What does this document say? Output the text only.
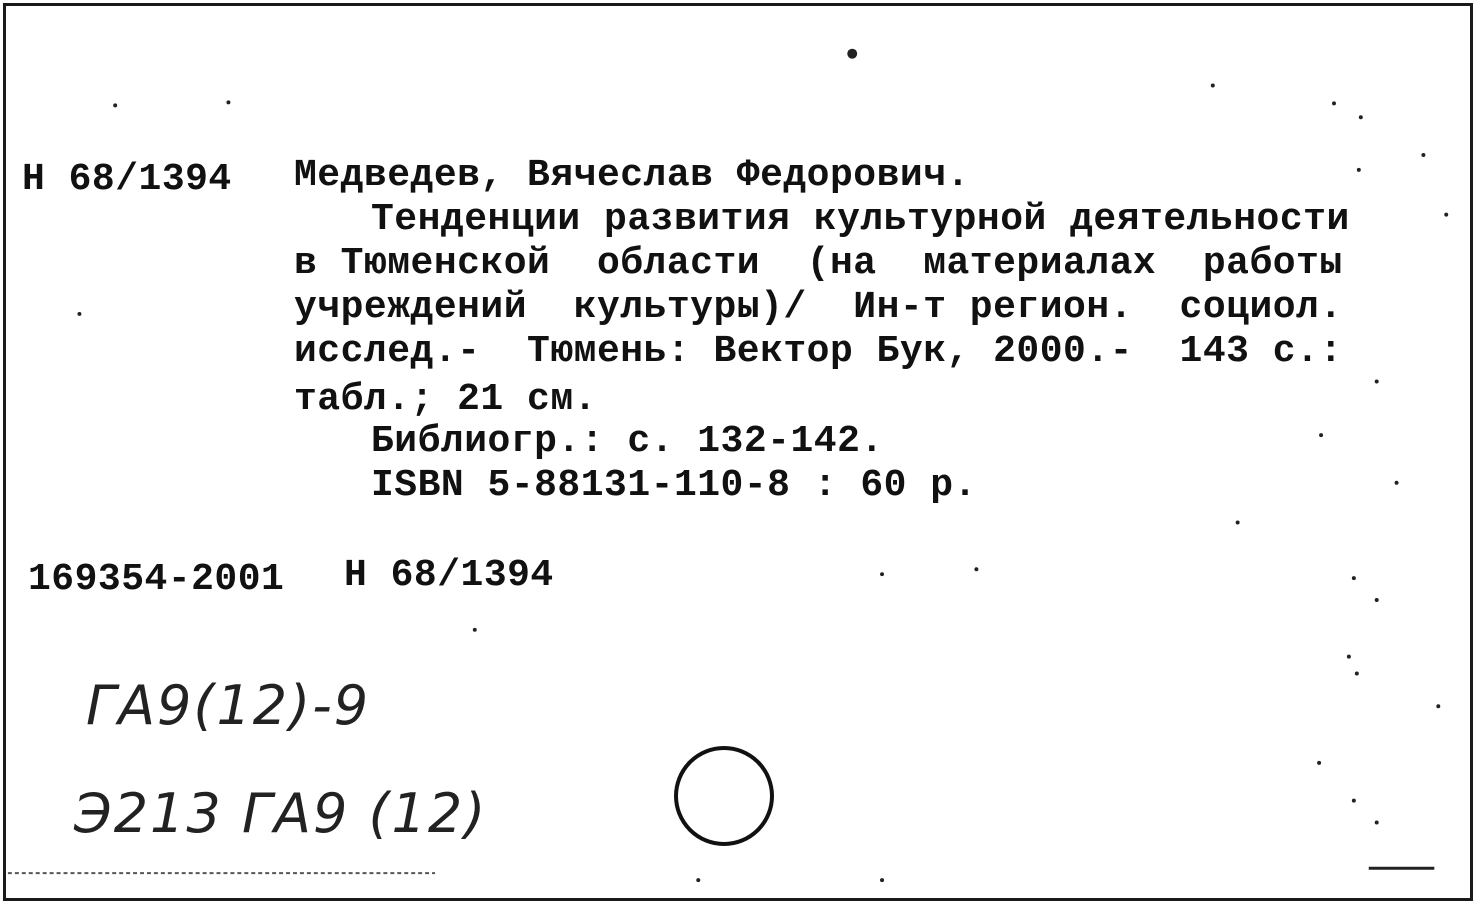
Н 68/1394 Медведев, Вячеслав Федорович.
Тенденции развития культурной деятельности
в Тюменской  области  (на  материалах  работы
учреждений  культуры)/  Ин-т регион.  социол.
исслед.-  Тюмень: Вектор Бук, 2000.-  143 с.:
табл.; 21 см.
Библиогр.: с. 132-142.
ISBN 5-88131-110-8 : 60 р.
169354-2001 Н 68/1394
ГА9(12)-9
Э213 ГА9 (12)
